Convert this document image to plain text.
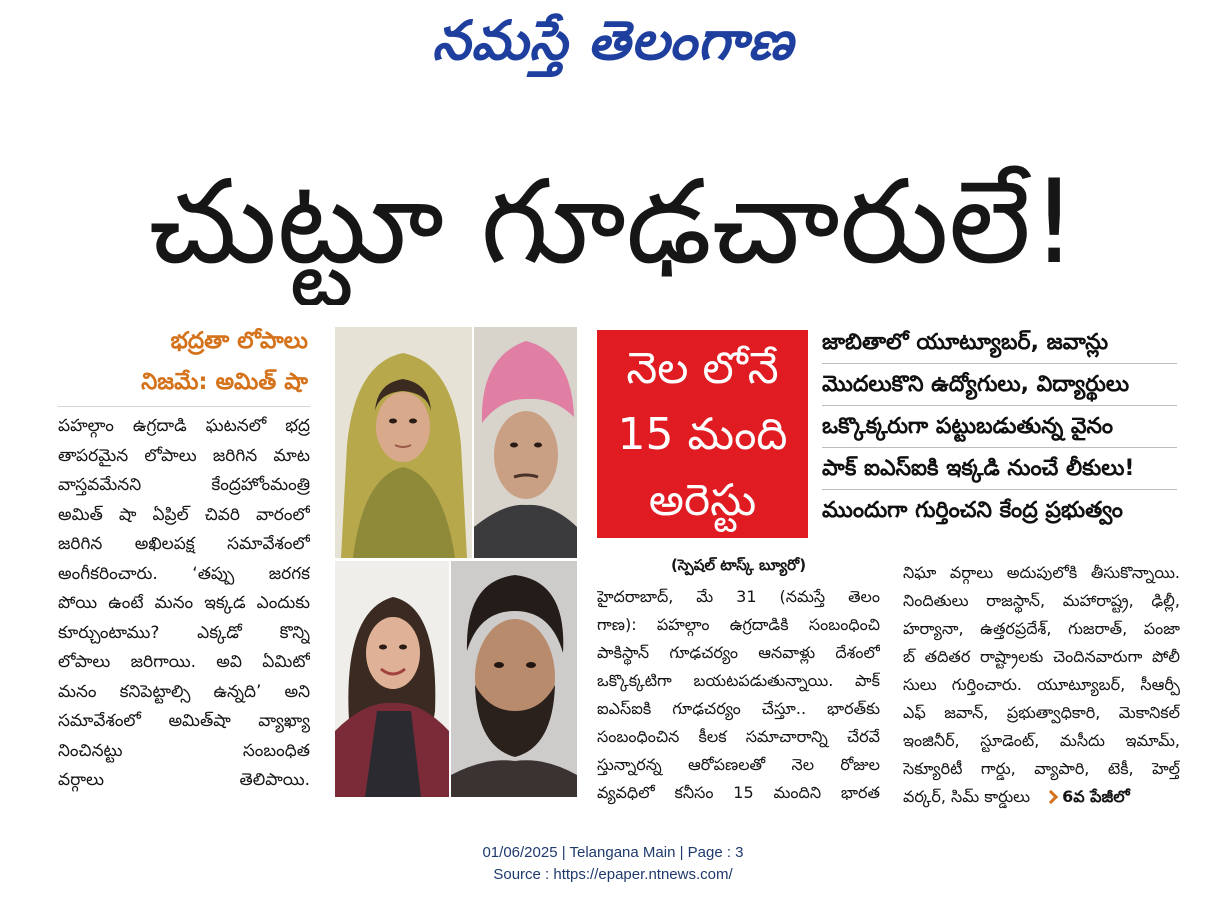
నమస్తే తెలంగాణ
చుట్టూ గూఢచారులే!
భద్రతా లోపాలు
నిజమే: అమిత్ షా
పహల్గాం ఉగ్రదాడి ఘటనలో భద్ర
తాపరమైన లోపాలు జరిగిన మాట
వాస్తవమేనని కేంద్రహోంమంత్రి
అమిత్ షా ఏప్రిల్ చివరి వారంలో
జరిగిన అఖిలపక్ష సమావేశంలో
అంగీకరించారు. ‘తప్పు జరగక
పోయి ఉంటే మనం ఇక్కడ ఎందుకు
కూర్చుంటాము? ఎక్కడో కొన్ని
లోపాలు జరిగాయి. అవి ఏమిటో
మనం కనిపెట్టాల్సి ఉన్నది’ అని
సమావేశంలో అమిత్‌షా వ్యాఖ్యా
నించినట్టు సంబంధిత
వర్గాలు తెలిపాయి.
నెల లోనే
15 మంది
అరెస్టు
జాబితాలో యూట్యూబర్, జవాన్లు
మొదలుకొని ఉద్యోగులు, విద్యార్థులు
ఒక్కొక్కరుగా పట్టుబడుతున్న వైనం
పాక్ ఐఎస్ఐకి ఇక్కడి నుంచే లీకులు!
ముందుగా గుర్తించని కేంద్ర ప్రభుత్వం
(స్పెషల్ టాస్క్ బ్యూరో)
హైదరాబాద్, మే 31 (నమస్తే తెలం
గాణ): పహల్గాం ఉగ్రదాడికి సంబంధించి
పాకిస్థాన్ గూఢచర్యం ఆనవాళ్లు దేశంలో
ఒక్కొక్కటిగా బయటపడుతున్నాయి. పాక్
ఐఎస్ఐకి గూఢచర్యం చేస్తూ.. భారత్‌కు
సంబంధించిన కీలక సమాచారాన్ని చేరవే
స్తున్నారన్న ఆరోపణలతో నెల రోజుల
వ్యవధిలో కనీసం 15 మందిని భారత
నిఘా వర్గాలు అదుపులోకి తీసుకొన్నాయి.
నిందితులు రాజస్థాన్, మహారాష్ట్ర, ఢిల్లీ,
హర్యానా, ఉత్తరప్రదేశ్, గుజరాత్, పంజా
బ్ తదితర రాష్ట్రాలకు చెందినవారుగా పోలీ
సులు గుర్తించారు. యూట్యూబర్, సీఆర్పీ
ఎఫ్ జవాన్, ప్రభుత్వాధికారి, మెకానికల్
ఇంజినీర్, స్టూడెంట్, మసీదు ఇమామ్,
సెక్యూరిటీ గార్డు, వ్యాపారి, టెకీ, హెల్త్
వర్కర్, సిమ్ కార్డులు 6వ పేజీలో
01/06/2025 | Telangana Main | Page : 3
Source : https://epaper.ntnews.com/
